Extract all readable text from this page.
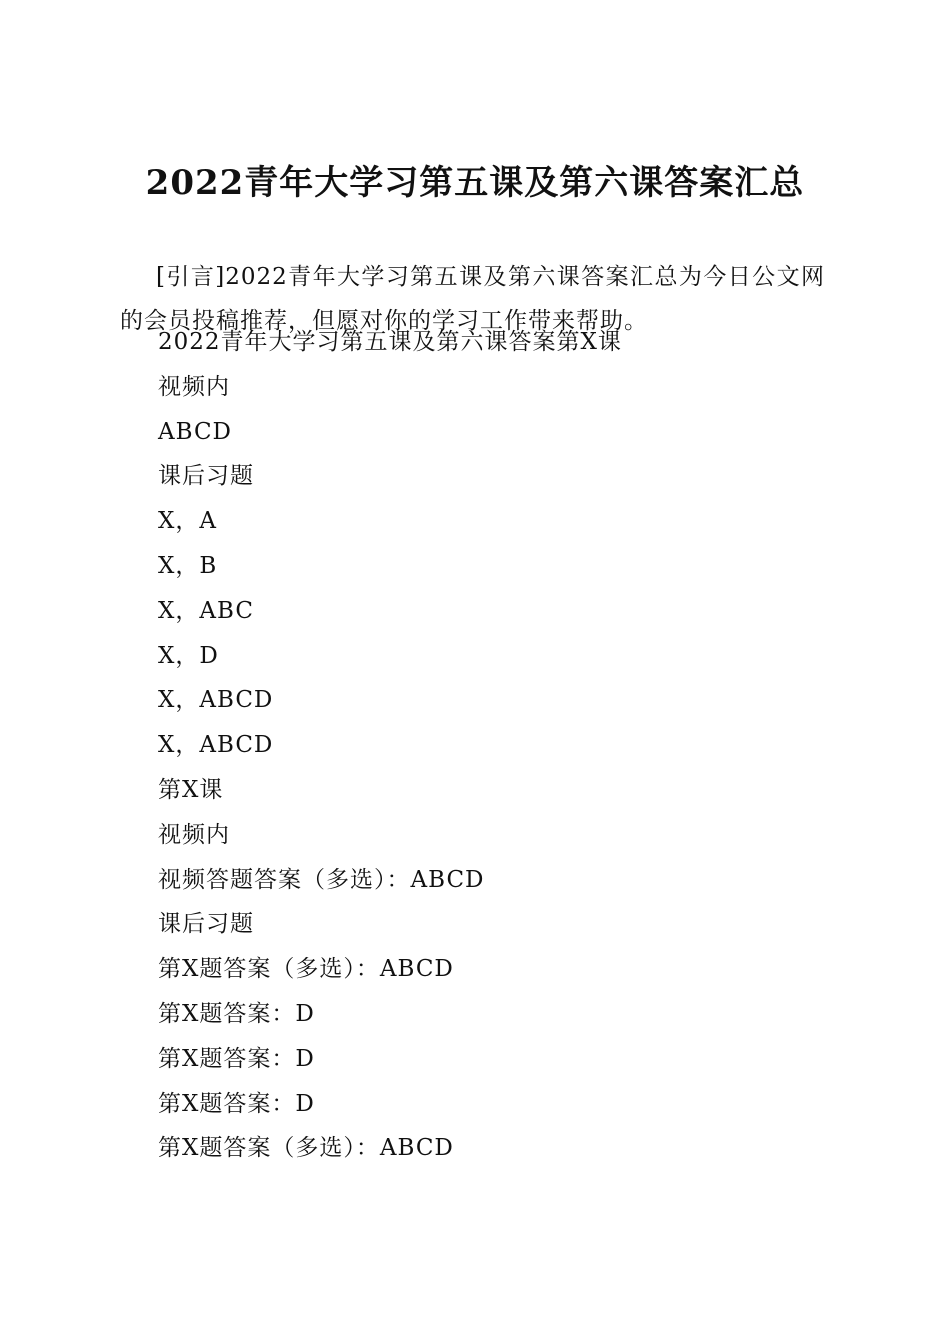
2022青年大学习第五课及第六课答案汇总

[引言]2022青年大学习第五课及第六课答案汇总为今日公文网的会员投稿推荐，但愿对你的学习工作带来帮助。

2022青年大学习第五课及第六课答案第X课
视频内
ABCD
课后习题
X，A
X，B
X，ABC
X，D
X，ABCD
X，ABCD
第X课
视频内
视频答题答案（多选）：ABCD
课后习题
第X题答案（多选）：ABCD
第X题答案：D
第X题答案：D
第X题答案：D
第X题答案（多选）：ABCD
